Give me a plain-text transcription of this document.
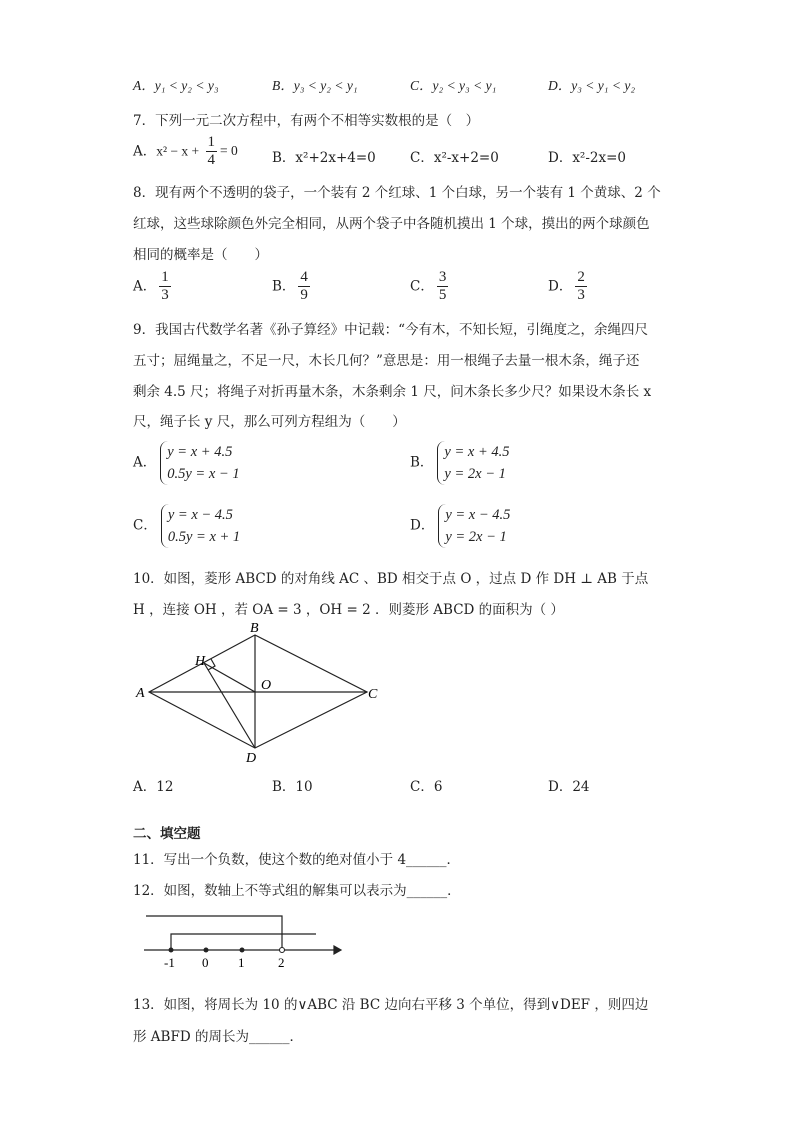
A．y₁ < y₂ < y₃	B．y₃ < y₂ < y₁	C．y₂ < y₃ < y₁	D．y₃ < y₁ < y₂
7．下列一元二次方程中，有两个不相等实数根的是（　）
A．$x^2 - x + \frac{1}{4} = 0$	B．x²+2x+4=0	C．x²-x+2=0	D．x²-2x=0
8．现有两个不透明的袋子，一个装有 2 个红球、1 个白球，另一个装有 1 个黄球、2 个
红球，这些球除颜色外完全相同，从两个袋子中各随机摸出 1 个球，摸出的两个球颜色
相同的概率是（　　）
A． $\frac{1}{3}$	B． $\frac{4}{9}$	C． $\frac{3}{5}$	D． $\frac{2}{3}$
9．我国古代数学名著《孙子算经》中记载：“今有木，不知长短，引绳度之，余绳四尺
五寸；屈绳量之，不足一尺，木长几何？”意思是：用一根绳子去量一根木条，绳子还
剩余 4.5 尺；将绳子对折再量木条，木条剩余 1 尺，问木条长多少尺？如果设木条长 x
尺，绳子长 y 尺，那么可列方程组为（　　）
A．
y = x + 4.5
0.5y = x − 1
B．
y = x + 4.5
y = 2x − 1
C．
y = x − 4.5
0.5y = x + 1
D．
y = x − 4.5
y = 2x − 1
10．如图，菱形 ABCD 的对角线 AC 、BD 相交于点 O ，过点 D 作 DH ⊥ AB 于点
H ，连接 OH ，若 OA = 3 ，OH = 2 ．则菱形 ABCD 的面积为（ ）
A
B
C
D
O
H
A．12	B．10	C．6	D．24
二、填空题
11．写出一个负数，使这个数的绝对值小于 4______．
12．如图，数轴上不等式组的解集可以表示为______．
-1 0 1	2
13．如图，将周长为 10 的∨ABC 沿 BC 边向右平移 3 个单位，得到∨DEF ，则四边
形 ABFD 的周长为______．
